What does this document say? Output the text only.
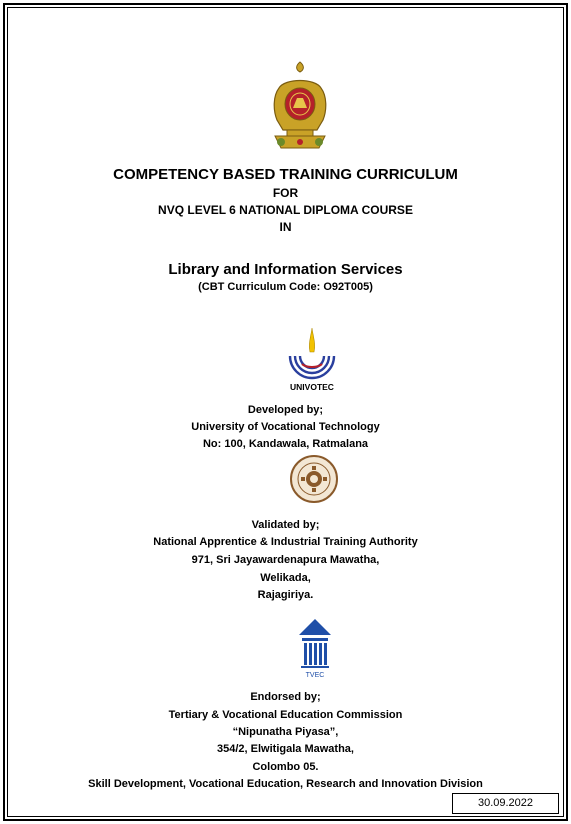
COMPETENCY BASED TRAINING CURRICULUM
FOR
NVQ LEVEL 6 NATIONAL DIPLOMA COURSE
IN
Library and Information Services
(CBT Curriculum Code: O92T005)
UNIVOTEC
Developed by;
University of Vocational Technology
No: 100, Kandawala, Ratmalana
Validated by;
National Apprentice & Industrial Training Authority
971, Sri Jayawardenapura Mawatha,
Welikada,
Rajagiriya.
TVEC
Endorsed by;
Tertiary & Vocational Education Commission
“Nipunatha Piyasa”,
354/2, Elwitigala Mawatha,
Colombo 05.
Skill Development, Vocational Education, Research and Innovation Division
30.09.2022
